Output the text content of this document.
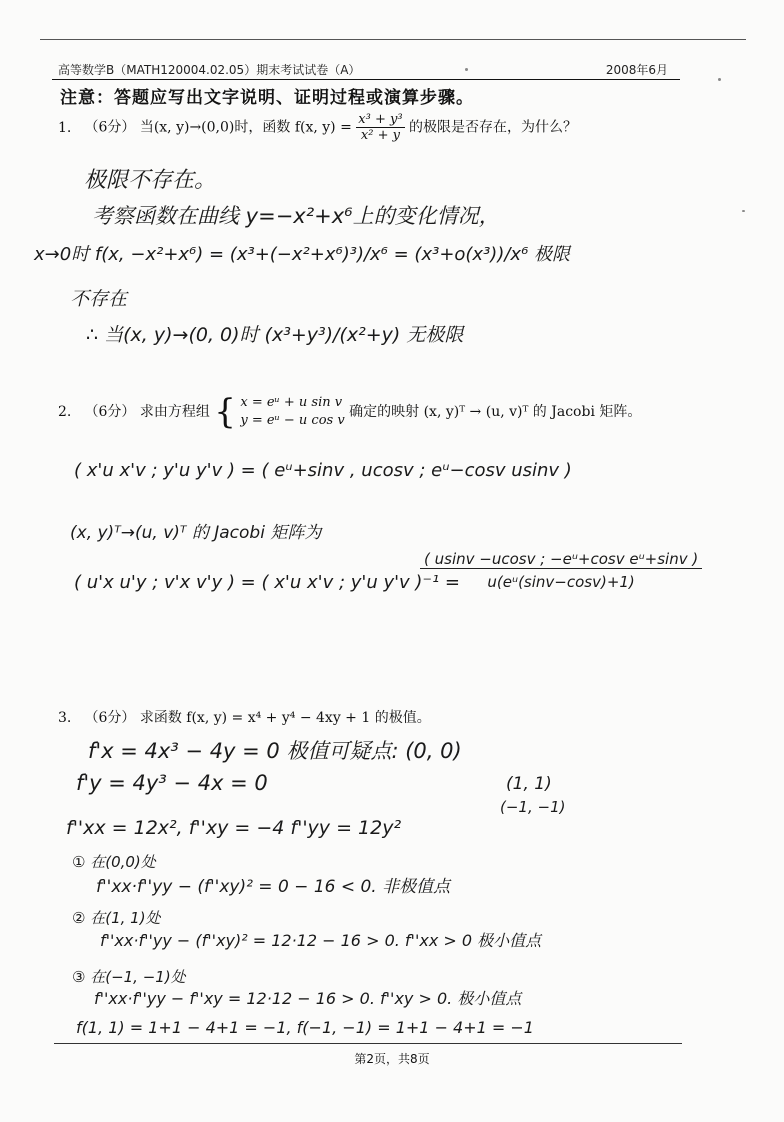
高等数学B（MATH120004.02.05）期末考试试卷（A）	2008年6月
注意：答题应写出文字说明、证明过程或演算步骤。
1. （6分） 当(x, y)→(0,0)时，函数 f(x, $y) = \frac{\text{x³ + y³}}{\text{x² + y}}$ 的极限是否存在，为什么？
极限不存在。
考察函数在曲线 y=−x²+x⁶上的变化情况，
x→0时 f(x, −x²+x⁶) = (x³+(−x²+x⁶)³)/x⁶ = (x³+o(x³))/x⁶ 极限
不存在
∴ 当(x, y)→(0, 0)时 (x³+y³)/(x²+y) 无极限
2. （6分） 求由方程组 { x = eᵘ + u sin v
y = eᵘ − u cos v
确定的映射 (x, y)ᵀ → (u, v)ᵀ 的 Jacobi 矩阵。
( x'u x'v ; y'u y'v ) = ( eᵘ+sinv , ucosv ; eᵘ−cosv usinv )
(x, y)ᵀ→(u, v)ᵀ 的 Jacobi 矩阵为
( u'x u'y ; v'x v'y ) = ( x'u x'v ; y'u y'v )⁻¹ =
$\frac{\text{( usinv −ucosv ; −eᵘ+cosv eᵘ+sinv )}}{\text{u(eᵘ(sinv−cosv)+1)}}$
3. （6分） 求函数 f(x, y) = x⁴ + y⁴ − 4xy + 1 的极值。
f'x = 4x³ − 4y = 0 极值可疑点: (0, 0)
f'y = 4y³ − 4x = 0	(1, 1)
(−1, −1)
f''xx = 12x², f''xy = −4 f''yy = 12y²
① 在(0,0)处
f''xx·f''yy − (f''xy)² = 0 − 16 < 0. 非极值点
② 在(1, 1)处
f''xx·f''yy − (f''xy)² = 12·12 − 16 > 0. f''xx > 0 极小值点
③ 在(−1, −1)处
f''xx·f''yy − f''xy = 12·12 − 16 > 0. f''xy > 0. 极小值点
f(1, 1) = 1+1 − 4+1 = −1, f(−1, −1) = 1+1 − 4+1 = −1
第2页，共8页
